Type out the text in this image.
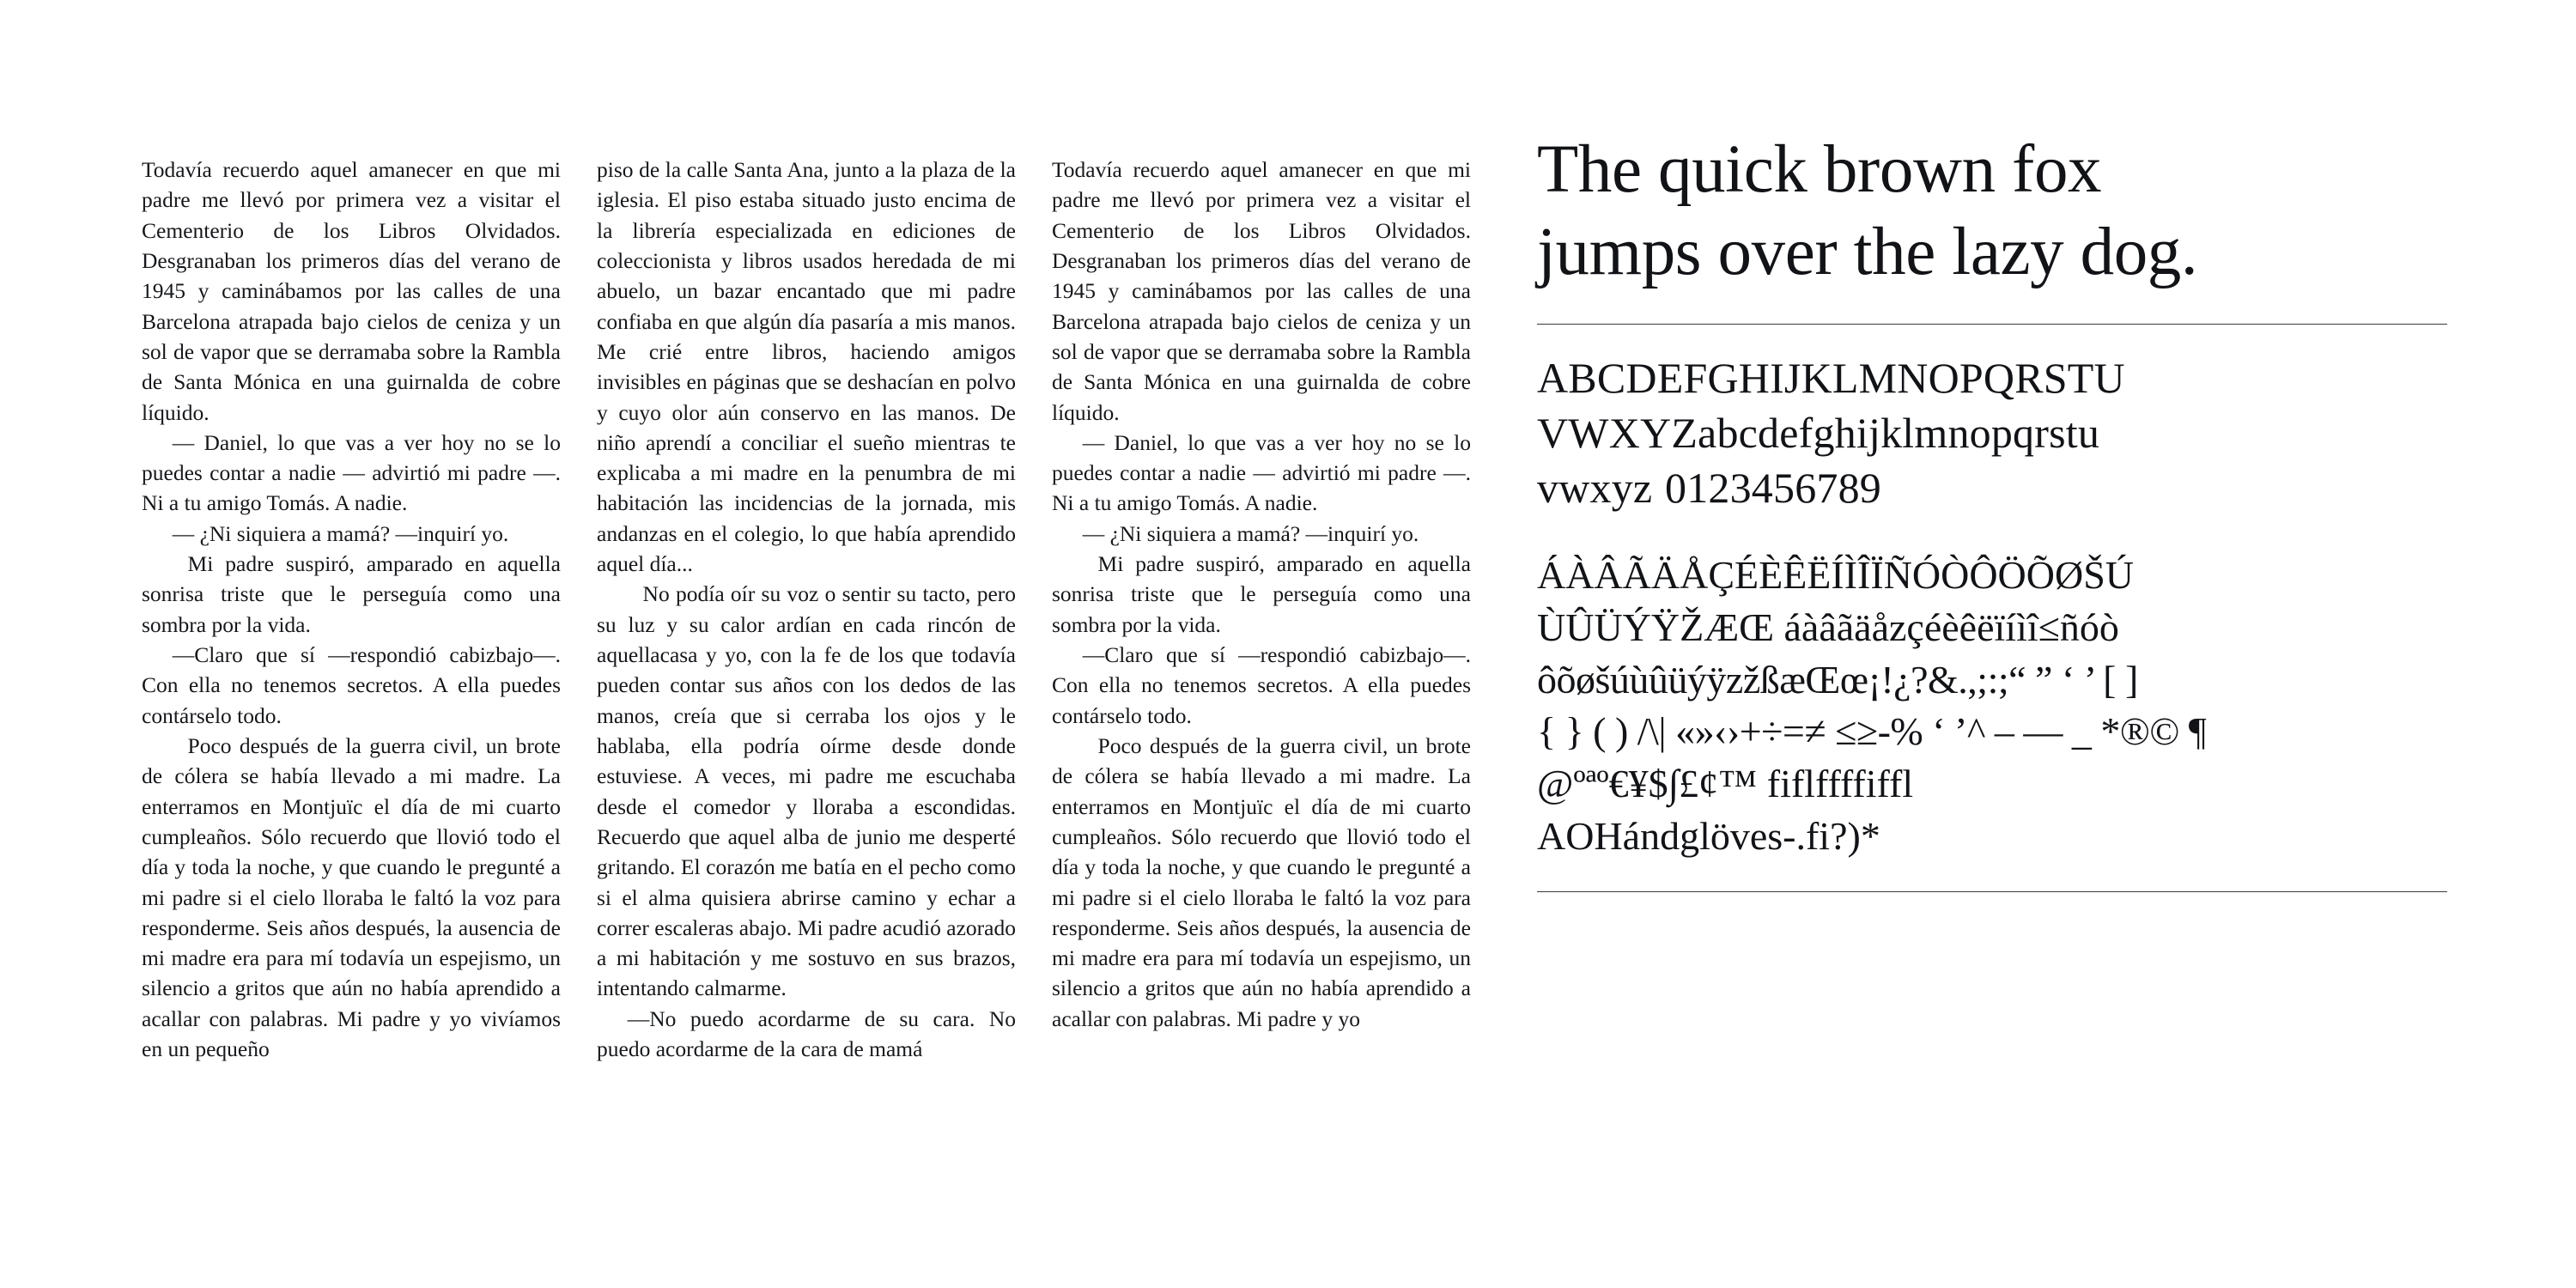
Todavía recuerdo aquel amanecer en que mi padre me llevó por primera vez a visitar el Cementerio de los Libros Olvidados. Desgranaban los primeros días del verano de 1945 y caminábamos por las calles de una Barcelona atrapada bajo cielos de ceniza y un sol de vapor que se derramaba sobre la Rambla de Santa Mónica en una guirnalda de cobre líquido.

— Daniel, lo que vas a ver hoy no se lo puedes contar a nadie — advirtió mi padre —. Ni a tu amigo Tomás. A nadie.

— ¿Ni siquiera a mamá? —inquirí yo.

Mi padre suspiró, amparado en aquella sonrisa triste que le perseguía como una sombra por la vida.

—Claro que sí —respondió cabizbajo—. Con ella no tenemos secretos. A ella puedes contárselo todo.

Poco después de la guerra civil, un brote de cólera se había llevado a mi madre. La enterramos en Montjuïc el día de mi cuarto cumpleaños. Sólo recuerdo que llovió todo el día y toda la noche, y que cuando le pregunté a mi padre si el cielo lloraba le faltó la voz para responderme. Seis años después, la ausencia de mi madre era para mí todavía un espejismo, un silencio a gritos que aún no había aprendido a acallar con palabras. Mi padre y yo vivíamos en un pequeño

piso de la calle Santa Ana, junto a la plaza de la iglesia. El piso estaba situado justo encima de la librería especializada en ediciones de coleccionista y libros usados heredada de mi abuelo, un bazar encantado que mi padre confiaba en que algún día pasaría a mis manos. Me crié entre libros, haciendo amigos invisibles en páginas que se deshacían en polvo y cuyo olor aún conservo en las manos. De niño aprendí a conciliar el sueño mientras te explicaba a mi madre en la penumbra de mi habitación las incidencias de la jornada, mis andanzas en el colegio, lo que había aprendido aquel día...

No podía oír su voz o sentir su tacto, pero su luz y su calor ardían en cada rincón de aquellacasa y yo, con la fe de los que todavía pueden contar sus años con los dedos de las manos, creía que si cerraba los ojos y le hablaba, ella podría oírme desde donde estuviese. A veces, mi padre me escuchaba desde el comedor y lloraba a escondidas. Recuerdo que aquel alba de junio me desperté gritando. El corazón me batía en el pecho como si el alma quisiera abrirse camino y echar a correr escaleras abajo. Mi padre acudió azorado a mi habitación y me sostuvo en sus brazos, intentando calmarme.

—No puedo acordarme de su cara. No puedo acordarme de la cara de mamá

Todavía recuerdo aquel amanecer en que mi padre me llevó por primera vez a visitar el Cementerio de los Libros Olvidados. Desgranaban los primeros días del verano de 1945 y caminábamos por las calles de una Barcelona atrapada bajo cielos de ceniza y un sol de vapor que se derramaba sobre la Rambla de Santa Mónica en una guirnalda de cobre líquido.

— Daniel, lo que vas a ver hoy no se lo puedes contar a nadie — advirtió mi padre —. Ni a tu amigo Tomás. A nadie.

— ¿Ni siquiera a mamá? —inquirí yo.

Mi padre suspiró, amparado en aquella sonrisa triste que le perseguía como una sombra por la vida.

—Claro que sí —respondió cabizbajo—. Con ella no tenemos secretos. A ella puedes contárselo todo.

Poco después de la guerra civil, un brote de cólera se había llevado a mi madre. La enterramos en Montjuïc el día de mi cuarto cumpleaños. Sólo recuerdo que llovió todo el día y toda la noche, y que cuando le pregunté a mi padre si el cielo lloraba le faltó la voz para responderme. Seis años después, la ausencia de mi madre era para mí todavía un espejismo, un silencio a gritos que aún no había aprendido a acallar con palabras. Mi padre y yo

The quick brown fox
jumps over the lazy dog.
ABCDEFGHIJKLMNOPQRSTU
VWXYZabcdefghijklmnopqrstu
vwxyz 0123456789
ÁÀÂÃÄÅÇÉÈÊËÍÌÎÏÑÓÒÔÖÕØŠÚ
ÙÛÜÝŸŽÆŒ áàâãäåzçéèêëïíìî≤ñóò
ôõøšúùûüýÿzžßæŒœ¡!¿?&.,;:;“ ” ‘ ’ [ ]
{ } ( ) /\| «»‹›+÷=≠ ≤≥-% ‘ ’^ – — _ *®© ¶
@ºªº€¥$∫£¢™ fiflffffiffl
AOHándglöves-.fi?)*
